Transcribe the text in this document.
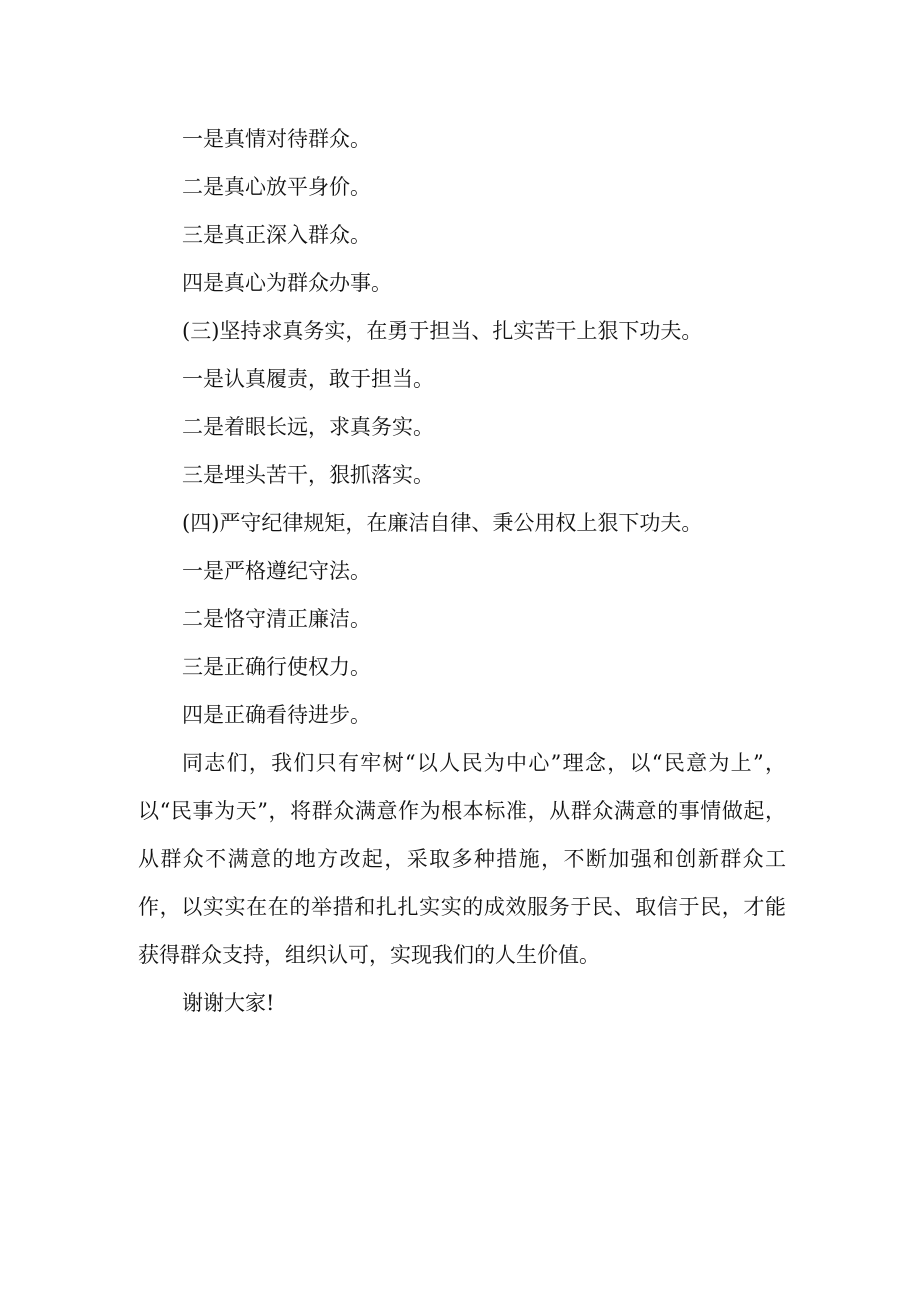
一是真情对待群众。

二是真心放平身价。

三是真正深入群众。

四是真心为群众办事。

(三)坚持求真务实，在勇于担当、扎实苦干上狠下功夫。

一是认真履责，敢于担当。

二是着眼长远，求真务实。

三是埋头苦干，狠抓落实。

(四)严守纪律规矩，在廉洁自律、秉公用权上狠下功夫。

一是严格遵纪守法。

二是恪守清正廉洁。

三是正确行使权力。

四是正确看待进步。

同志们，我们只有牢树“以人民为中心”理念，以“民意为上”，以“民事为天”，将群众满意作为根本标准，从群众满意的事情做起，从群众不满意的地方改起，采取多种措施，不断加强和创新群众工作，以实实在在的举措和扎扎实实的成效服务于民、取信于民，才能获得群众支持，组织认可，实现我们的人生价值。

谢谢大家!
